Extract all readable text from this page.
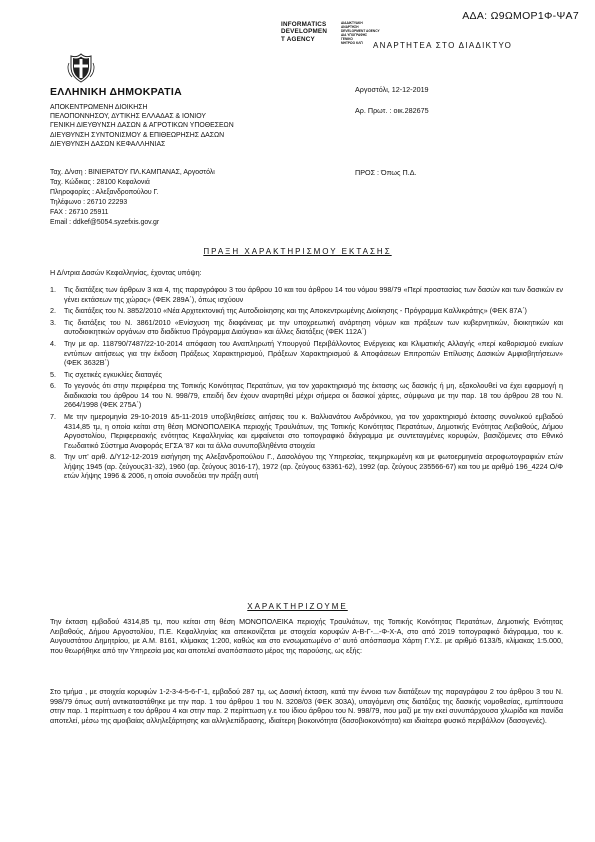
ΑΔΑ: Ω9ΩΜΟΡ1Φ-ΨΑ7
INFORMATICS
DEVELOPMEN
T AGENCY
ΔΙΑΔΙΚΤΥΑΚΗ
ΑΝΑΡΤΗΣΗ
DEVELOPMENT AGENCY
ΔΙΑ ΥΠΟΓΡΑΦΗΣ
ΓΕΝΙΚΟ
ΜΗΤΡΩΟ ΚΛΠ	ΑΝΑΡΤΗΤΕΑ ΣΤΟ ΔΙΑΔΙΚΤΥΟ
ΕΛΛΗΝΙΚΗ ΔΗΜΟΚΡΑΤΙΑ
ΑΠΟΚΕΝΤΡΩΜΕΝΗ ΔΙΟΙΚΗΣΗ
ΠΕΛΟΠΟΝΝΗΣΟΥ, ΔΥΤΙΚΗΣ ΕΛΛΑΔΑΣ & ΙΟΝΙΟΥ
ΓΕΝΙΚΗ ΔΙΕΥΘΥΝΣΗ ΔΑΣΩΝ & ΑΓΡΟΤΙΚΩΝ ΥΠΟΘΕΣΕΩΝ
ΔΙΕΥΘΥΝΣΗ ΣΥΝΤΟΝΙΣΜΟΥ & ΕΠΙΘΕΩΡΗΣΗΣ ΔΑΣΩΝ
ΔΙΕΥΘΥΝΣΗ ΔΑΣΩΝ ΚΕΦΑΛΛΗΝΙΑΣ
Αργοστόλι, 12-12-2019
Αρ. Πρωτ. : οικ.282675
Ταχ. Δ/νση : ΒΙΝΙΕΡΑΤΟΥ ΠΛ.ΚΑΜΠΑΝΑΣ, Αργοστόλι
Ταχ. Κώδικας : 28100 Κεφαλονιά
Πληροφορίες : Αλεξανδροπούλου Γ.
Τηλέφωνο : 26710 22293
FAX : 26710 25911
Email : ddkef@5054.syzefxis.gov.gr
ΠΡΟΣ : Όπως Π.Δ.
ΠΡΑΞΗ ΧΑΡΑΚΤΗΡΙΣΜΟΥ ΕΚΤΑΣΗΣ
Η Δ/ντρια Δασών Κεφαλληνίας, έχοντας υπόψη:
1. Τις διατάξεις των άρθρων 3 και 4, της παραγράφου 3 του άρθρου 10 και του άρθρου 14 του νόμου 998/79 «Περί προστασίας των δασών και των δασικών εν γένει εκτάσεων της χώρας» (ΦΕΚ 289Α΄), όπως ισχύουν
2. Τις διατάξεις του Ν. 3852/2010 «Νέα Αρχιτεκτονική της Αυτοδιοίκησης και της Αποκεντρωμένης Διοίκησης - Πρόγραμμα Καλλικράτης» (ΦΕΚ 87Α΄)
3. Τις διατάξεις του Ν. 3861/2010 «Ενίσχυση της διαφάνειας με την υποχρεωτική ανάρτηση νόμων και πράξεων των κυβερνητικών, διοικητικών και αυτοδιοικητικών οργάνων στο διαδίκτυο Πρόγραμμα Διαύγεια» και άλλες διατάξεις (ΦΕΚ 112Α΄)
4. Την με αρ. 118790/7487/22-10-2014 απόφαση του Αναπληρωτή Υπουργού Περιβάλλοντος Ενέργειας και Κλιματικής Αλλαγής «περί καθορισμού ενιαίων εντύπων αιτήσεως για την έκδοση Πράξεως Χαρακτηρισμού, Πράξεων Χαρακτηρισμού & Αποφάσεων Επιτροπών Επίλυσης Δασικών Αμφισβητήσεων» (ΦΕΚ 3632Β΄)
5. Τις σχετικές εγκυκλίες διαταγές
6. Το γεγονός ότι στην περιφέρεια της Τοπικής Κοινότητας Περατάτων, για τον χαρακτηρισμό της έκτασης ως δασικής ή μη, εξακολουθεί να έχει εφαρμογή η διαδικασία του άρθρου 14 του Ν. 998/79, επειδή δεν έχουν αναρτηθεί μέχρι σήμερα οι δασικοί χάρτες, σύμφωνα με την παρ. 18 του άρθρου 28 του Ν. 2664/1998 (ΦΕΚ 275Α΄)
7. Με την ημερομηνία 29-10-2019 &5-11-2019 υποβληθείσες αιτήσεις του κ. Βαλλιανάτου Ανδρόνικου, για τον χαρακτηρισμό έκτασης συνολικού εμβαδού 4314,85 τμ, η οποία κείται στη θέση ΜΟΝΟΠΟΛΕΙΚΑ περιοχής Τραυλιάτων, της Τοπικής Κοινότητας Περατάτων, Δημοτικής Ενότητας Λειβαθούς, Δήμου Αργοστολίου, Περιφερειακής ενότητας Κεφαλληνίας και εμφαίνεται στο τοπογραφικό διάγραμμα με συντεταγμένες κορυφών, βασιζόμενες στο Εθνικό Γεωδαιτικό Σύστημα Αναφοράς ΕΓΣΑ '87 και τα άλλα συνυποβληθέντα στοιχεία
8. Την υπ' αριθ. Δ/Υ12-12-2019 εισήγηση της Αλεξανδροπούλου Γ., Δασολόγου της Υπηρεσίας, τεκμηριωμένη και με φωτοερμηνεία αεροφωτογραφιών ετών λήψης 1945 (αρ. ζεύγους31-32), 1960 (αρ. ζεύγους 3016-17), 1972 (αρ. ζεύγους 63361-62), 1992 (αρ. ζεύγους 235566-67) και του με αριθμό 196_4224 Ο/Φ ετών λήψης 1996 & 2006, η οποία συνοδεύει την πράξη αυτή
ΧΑΡΑΚΤΗΡΙΖΟΥΜΕ

Την έκταση εμβαδού 4314,85 τμ, που κείται στη θέση ΜΟΝΟΠΟΛΕΙΚΑ περιοχής Τραυλιάτων, της Τοπικής Κοινότητας Περατάτων, Δημοτικής Ενότητας Λειβαθούς, Δήμου Αργοστολίου, Π.Ε. Κεφαλληνίας και απεικονίζεται με στοιχεία κορυφών Α-Β-Γ-...-Φ-Χ-Α, στο από 2019 τοπογραφικό διάγραμμα, του κ. Αυγουστάτου Δημητρίου, με Α.Μ. 8161, κλίμακας 1:200, καθώς και στο ενσωματωμένο σ' αυτό απόσπασμα Χάρτη Γ.Υ.Σ. με αριθμό 6133/5, κλίμακας 1:5.000, που θεωρήθηκε από την Υπηρεσία μας και αποτελεί αναπόσπαστο μέρος της παρούσης, ως εξής:

Στο τμήμα , με στοιχεία κορυφών 1-2-3-4-5-6-Γ-1, εμβαδού 287 τμ, ως Δασική έκταση, κατά την έννοια των διατάξεων της παραγράφου 2 του άρθρου 3 του Ν. 998/79 όπως αυτή αντικαταστάθηκε με την παρ. 1 του άρθρου 1 του Ν. 3208/03 (ΦΕΚ 303Α), υπαγόμενη στις διατάξεις της δασικής νομοθεσίας, εμπίπτουσα στην παρ. 1 περίπτωση ε του άρθρου 4 και στην παρ. 2 περίπτωση γ.ε του ίδιου άρθρου του Ν. 998/79, που μαζί με την εκεί συνυπάρχουσα χλωρίδα και πανίδα αποτελεί, μέσω της αμοιβαίας αλληλεξάρτησης και αλληλεπίδρασης, ιδιαίτερη βιοκοινότητα (δασοβιοκοινότητα) και ιδιαίτερα φυσικό περιβάλλον (δασογενές).
